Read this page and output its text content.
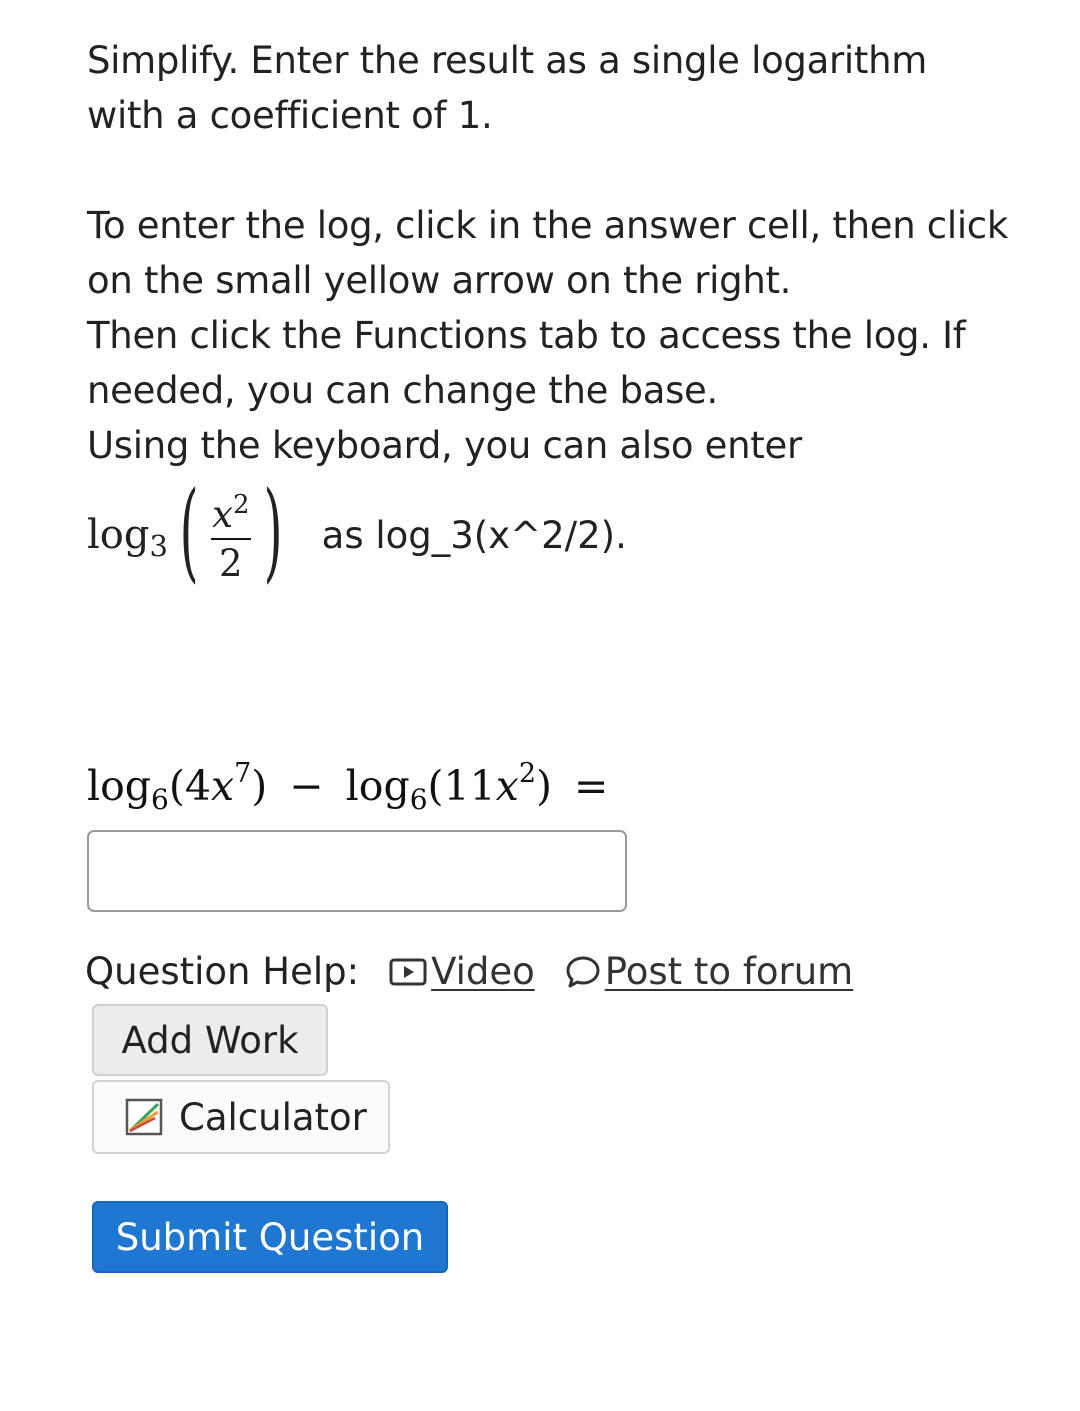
Simplify. Enter the result as a single logarithm

with a coefficient of 1.

To enter the log, click in the answer cell, then click

on the small yellow arrow on the right.

Then click the Functions tab to access the log. If

needed, you can change the base.

Using the keyboard, you can also enter

$\log_3$ ( $\frac{x^2}{2}$ ) as log_3(x^2/2).
$\log_6(4x^7) - \log_6(11x^2)$ =
Question Help: Video Post to forum
Add Work
Calculator
Submit Question
